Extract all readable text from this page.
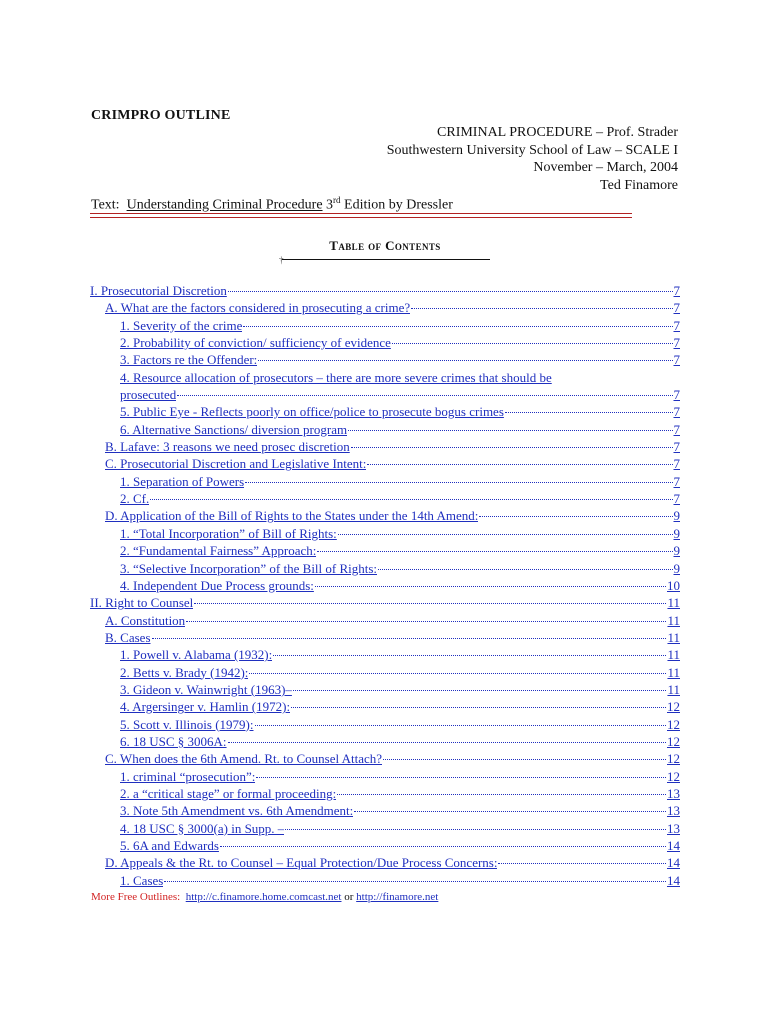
CRIMPRO OUTLINE
CRIMINAL PROCEDURE – Prof. Strader
Southwestern University School of Law – SCALE I
November – March, 2004
Ted Finamore
Text: Understanding Criminal Procedure 3rd Edition by Dressler
Table of Contents
†
I. Prosecutorial Discretion	7
A. What are the factors considered in prosecuting a crime?	7
1. Severity of the crime	7
2. Probability of conviction/ sufficiency of evidence	7
3. Factors re the Offender:	7
4. Resource allocation of prosecutors – there are more severe crimes that should be
prosecuted	7
5. Public Eye - Reflects poorly on office/police to prosecute bogus crimes	7
6. Alternative Sanctions/ diversion program	7
B. Lafave: 3 reasons we need prosec discretion	7
C. Prosecutorial Discretion and Legislative Intent:	7
1. Separation of Powers	7
2. Cf.	7
D. Application of the Bill of Rights to the States under the 14th Amend:	9
1. “Total Incorporation” of Bill of Rights:	9
2. “Fundamental Fairness” Approach:	9
3. “Selective Incorporation” of the Bill of Rights:	9
4. Independent Due Process grounds:	10
II. Right to Counsel	11
A. Constitution	11
B. Cases	11
1. Powell v. Alabama (1932):	11
2. Betts v. Brady (1942):	11
3. Gideon v. Wainwright (1963)–	11
4. Argersinger v. Hamlin (1972):	12
5. Scott v. Illinois (1979):	12
6. 18 USC § 3006A:	12
C. When does the 6th Amend. Rt. to Counsel Attach?	12
1. criminal “prosecution”:	12
2. a “critical stage” or formal proceeding:	13
3. Note 5th Amendment vs. 6th Amendment:	13
4. 18 USC § 3000(a) in Supp. –	13
5. 6A and Edwards	14
D. Appeals & the Rt. to Counsel – Equal Protection/Due Process Concerns:	14
1. Cases	14
More Free Outlines: http://c.finamore.home.comcast.net or http://finamore.net
